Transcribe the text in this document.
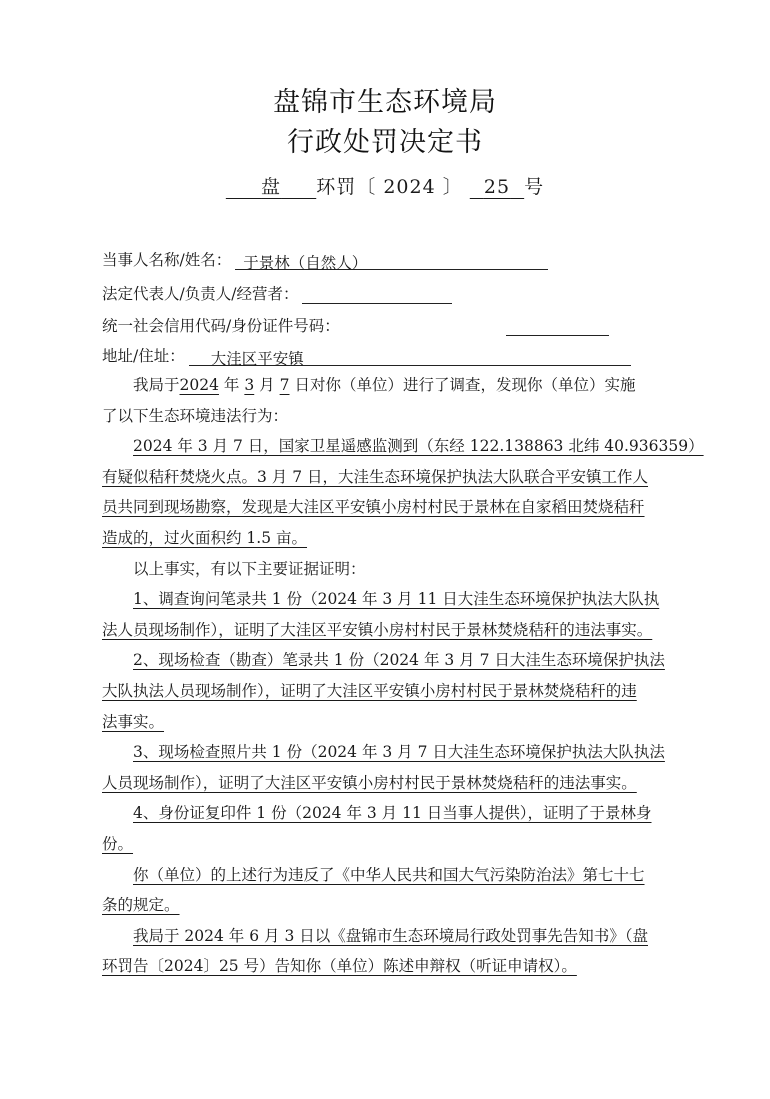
盘锦市生态环境局
行政处罚决定书
盘 环罚〔 2024 〕 25 号
当事人名称/姓名： 于景林（自然人）
法定代表人/负责人/经营者：
统一社会信用代码/身份证件号码：
地址/住址：	大洼区平安镇
我局于2024 年 3 月 7 日对你（单位）进行了调查，发现你（单位）实施
了以下生态环境违法行为：
2024 年 3 月 7 日，国家卫星遥感监测到（东经 122.138863 北纬 40.936359）
有疑似秸秆焚烧火点。3 月 7 日，大洼生态环境保护执法大队联合平安镇工作人
员共同到现场勘察，发现是大洼区平安镇小房村村民于景林在自家稻田焚烧秸秆
造成的，过火面积约 1.5 亩。
以上事实，有以下主要证据证明：
1、调查询问笔录共 1 份（2024 年 3 月 11 日大洼生态环境保护执法大队执
法人员现场制作），证明了大洼区平安镇小房村村民于景林焚烧秸秆的违法事实。
2、现场检查（勘查）笔录共 1 份（2024 年 3 月 7 日大洼生态环境保护执法
大队执法人员现场制作），证明了大洼区平安镇小房村村民于景林焚烧秸秆的违
法事实。
3、现场检查照片共 1 份（2024 年 3 月 7 日大洼生态环境保护执法大队执法
人员现场制作），证明了大洼区平安镇小房村村民于景林焚烧秸秆的违法事实。
4、身份证复印件 1 份（2024 年 3 月 11 日当事人提供），证明了于景林身
份。
你（单位）的上述行为违反了《中华人民共和国大气污染防治法》第七十七
条的规定。
我局于 2024 年 6 月 3 日以《盘锦市生态环境局行政处罚事先告知书》（盘
环罚告〔2024〕25 号）告知你（单位）陈述申辩权（听证申请权）。
